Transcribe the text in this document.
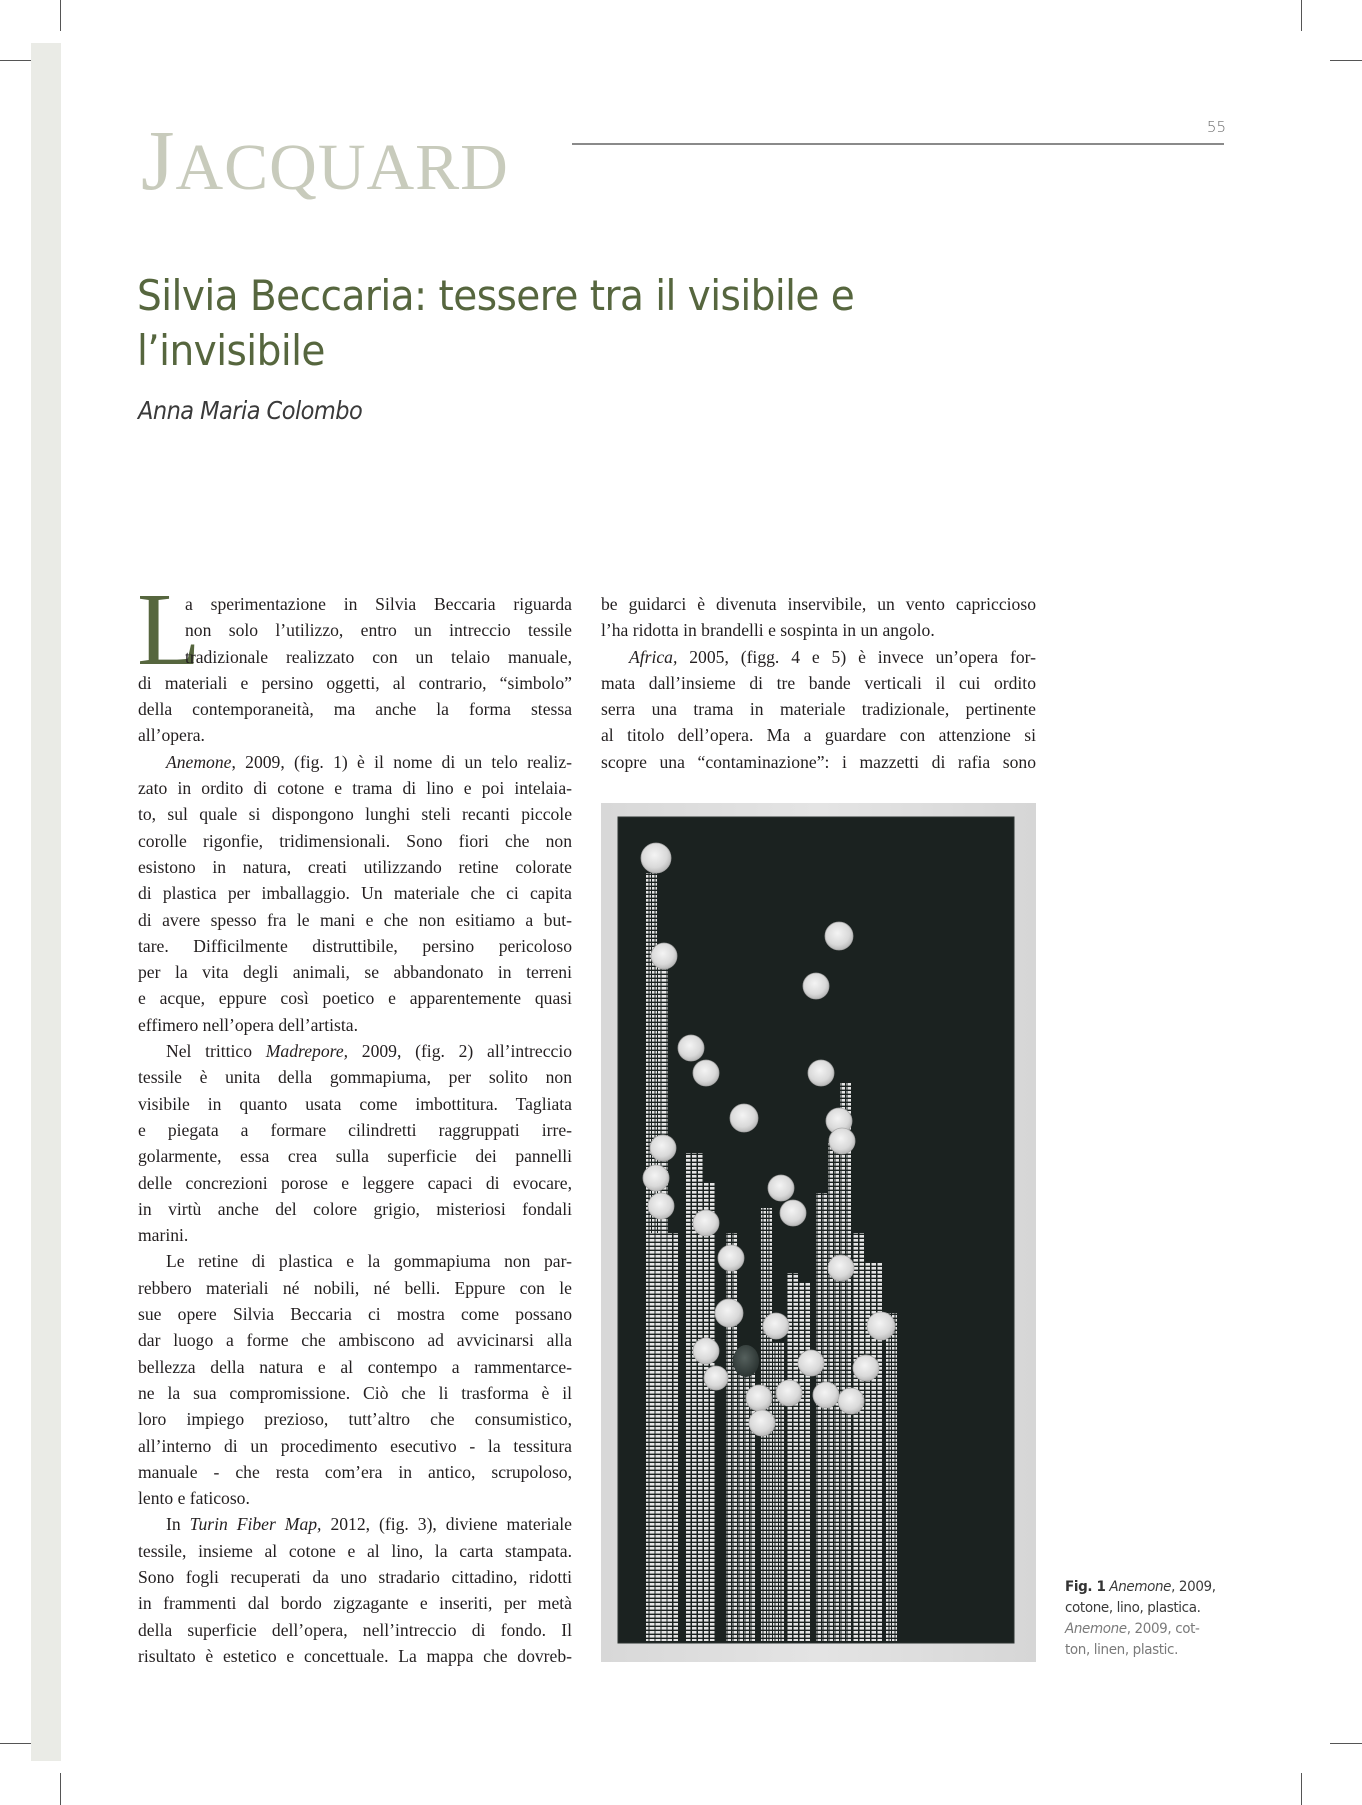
JACQUARD
55
Silvia Beccaria: tessere tra il visibile e
l’invisibile
Anna Maria Colombo
L
a sperimentazione in Silvia Beccaria riguarda
non solo l’utilizzo, entro un intreccio tessile
tradizionale realizzato con un telaio manuale,
di materiali e persino oggetti, al contrario, “simbolo”
della contemporaneità, ma anche la forma stessa
all’opera.
Anemone, 2009, (fig. 1) è il nome di un telo realiz-
zato in ordito di cotone e trama di lino e poi intelaia-
to, sul quale si dispongono lunghi steli recanti piccole
corolle rigonfie, tridimensionali. Sono fiori che non
esistono in natura, creati utilizzando retine colorate
di plastica per imballaggio. Un materiale che ci capita
di avere spesso fra le mani e che non esitiamo a but-
tare. Difficilmente distruttibile, persino pericoloso
per la vita degli animali, se abbandonato in terreni
e acque, eppure così poetico e apparentemente quasi
effimero nell’opera dell’artista.
Nel trittico Madrepore, 2009, (fig. 2) all’intreccio
tessile è unita della gommapiuma, per solito non
visibile in quanto usata come imbottitura. Tagliata
e piegata a formare cilindretti raggruppati irre-
golarmente, essa crea sulla superficie dei pannelli
delle concrezioni porose e leggere capaci di evocare,
in virtù anche del colore grigio, misteriosi fondali
marini.
Le retine di plastica e la gommapiuma non par-
rebbero materiali né nobili, né belli. Eppure con le
sue opere Silvia Beccaria ci mostra come possano
dar luogo a forme che ambiscono ad avvicinarsi alla
bellezza della natura e al contempo a rammentarce-
ne la sua compromissione. Ciò che li trasforma è il
loro impiego prezioso, tutt’altro che consumistico,
all’interno di un procedimento esecutivo - la tessitura
manuale - che resta com’era in antico, scrupoloso,
lento e faticoso.
In Turin Fiber Map, 2012, (fig. 3), diviene materiale
tessile, insieme al cotone e al lino, la carta stampata.
Sono fogli recuperati da uno stradario cittadino, ridotti
in frammenti dal bordo zigzagante e inseriti, per metà
della superficie dell’opera, nell’intreccio di fondo. Il
risultato è estetico e concettuale. La mappa che dovreb-
be guidarci è divenuta inservibile, un vento capriccioso
l’ha ridotta in brandelli e sospinta in un angolo.
Africa, 2005, (figg. 4 e 5) è invece un’opera for-
mata dall’insieme di tre bande verticali il cui ordito
serra una trama in materiale tradizionale, pertinente
al titolo dell’opera. Ma a guardare con attenzione si
scopre una “contaminazione”: i mazzetti di rafia sono
Fig. 1 Anemone, 2009,
cotone, lino, plastica.
Anemone, 2009, cot-
ton, linen, plastic.
